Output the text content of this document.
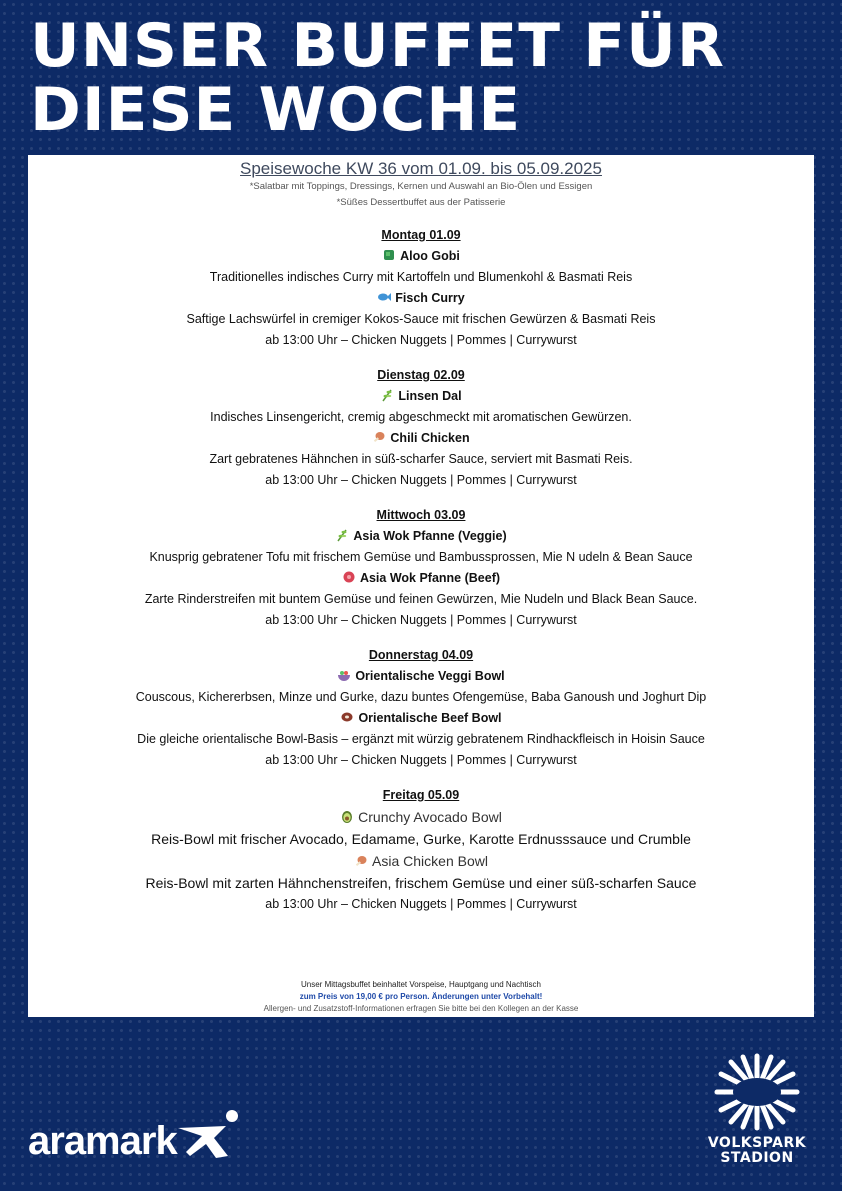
UNSER BUFFET FÜR
DIESE WOCHE
Speisewoche KW 36 vom 01.09. bis 05.09.2025
*Salatbar mit Toppings, Dressings, Kernen und Auswahl an Bio-Ölen und Essigen
*Süßes Dessertbuffet aus der Patisserie
Montag 01.09
Aloo Gobi
Traditionelles indisches Curry mit Kartoffeln und Blumenkohl & Basmati Reis
Fisch Curry
Saftige Lachswürfel in cremiger Kokos-Sauce mit frischen Gewürzen & Basmati Reis
ab 13:00 Uhr – Chicken Nuggets | Pommes | Currywurst
Dienstag 02.09
Linsen Dal
Indisches Linsengericht, cremig abgeschmeckt mit aromatischen Gewürzen.
Chili Chicken
Zart gebratenes Hähnchen in süß-scharfer Sauce, serviert mit Basmati Reis.
ab 13:00 Uhr – Chicken Nuggets | Pommes | Currywurst
Mittwoch 03.09
Asia Wok Pfanne (Veggie)
Knusprig gebratener Tofu mit frischem Gemüse und Bambussprossen, Mie N udeln & Bean Sauce
Asia Wok Pfanne (Beef)
Zarte Rinderstreifen mit buntem Gemüse und feinen Gewürzen, Mie Nudeln und Black Bean Sauce.
ab 13:00 Uhr – Chicken Nuggets | Pommes | Currywurst
Donnerstag 04.09
Orientalische Veggi Bowl
Couscous, Kichererbsen, Minze und Gurke, dazu buntes Ofengemüse, Baba Ganoush und Joghurt Dip
Orientalische Beef Bowl
Die gleiche orientalische Bowl-Basis – ergänzt mit würzig gebratenem Rindhackfleisch in Hoisin Sauce
ab 13:00 Uhr – Chicken Nuggets | Pommes | Currywurst
Freitag 05.09
Crunchy Avocado Bowl
Reis-Bowl mit frischer Avocado, Edamame, Gurke, Karotte Erdnusssauce und Crumble
Asia Chicken Bowl
Reis-Bowl mit zarten Hähnchenstreifen, frischem Gemüse und einer süß-scharfen Sauce
ab 13:00 Uhr – Chicken Nuggets | Pommes | Currywurst
Unser Mittagsbuffet beinhaltet Vorspeise, Hauptgang und Nachtisch
zum Preis von 19,00 € pro Person. Änderungen unter Vorbehalt!
Allergen- und Zusatzstoff-Informationen erfragen Sie bitte bei den Kollegen an der Kasse
aramark	VOLKSPARK
STADION
